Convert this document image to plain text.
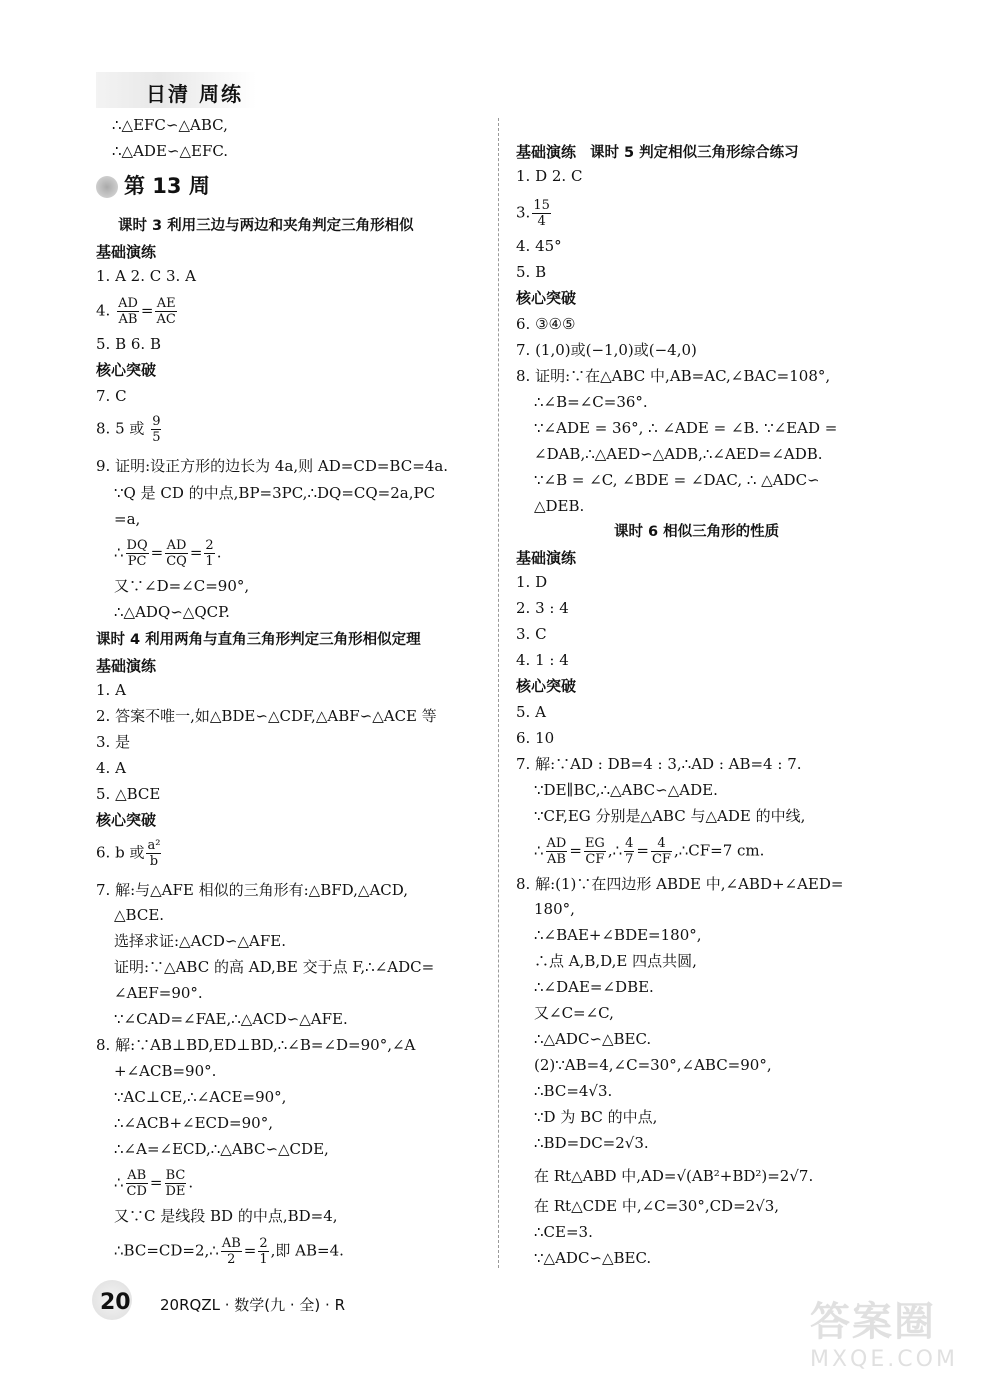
日清 周练
∴△EFC∽△ABC,
∴△ADE∽△EFC.
第 13 周
课时 3 利用三边与两边和夹角判定三角形相似
基础演练
1. A 2. C 3. A
4. $\frac{AD}{AB} = \frac{AE}{AC}$
5. B 6. B
核心突破
7. C
8. 5 或 $\frac{9}{5}$
9. 证明:设正方形的边长为 4a,则 AD=CD=BC=4a.
∵Q 是 CD 的中点,BP=3PC,∴DQ=CQ=2a,PC
=a,
∴ $\frac{DQ}{PC} = \frac{AD}{CQ} = \frac{2}{1}$ .
又∵∠D=∠C=90°,
∴△ADQ∽△QCP.
课时 4 利用两角与直角三角形判定三角形相似定理
基础演练
1. A
2. 答案不唯一,如△BDE∽△CDF,△ABF∽△ACE 等
3. 是
4. A
5. △BCE
核心突破
6. b 或 $\frac{\text{a²}}{b}$
7. 解:与△AFE 相似的三角形有:△BFD,△ACD,
△BCE.
选择求证:△ACD∽△AFE.
证明:∵△ABC 的高 AD,BE 交于点 F,∴∠ADC=
∠AEF=90°.
∵∠CAD=∠FAE,∴△ACD∽△AFE.
8. 解:∵AB⊥BD,ED⊥BD,∴∠B=∠D=90°,∠A
+∠ACB=90°.
∵AC⊥CE,∴∠ACE=90°,
∴∠ACB+∠ECD=90°,
∴∠A=∠ECD,∴△ABC∽△CDE,
∴ $\frac{AB}{CD} = \frac{BC}{DE}$ .
又∵C 是线段 BD 的中点,BD=4,
∴BC=CD=2,∴ $\frac{AB}{2} = \frac{2}{1}$ ,即 AB=4.
课时 5 判定相似三角形综合练习
基础演练
1. D 2. C
3. $\frac{15}{4}$
4. 45°
5. B
核心突破
6. ③④⑤
7. (1,0)或(−1,0)或(−4,0)
8. 证明:∵在△ABC 中,AB=AC,∠BAC=108°,
∴∠B=∠C=36°.
∵∠ADE = 36°, ∴ ∠ADE = ∠B. ∵∠EAD =
∠DAB,∴△AED∽△ADB,∴∠AED=∠ADB.
∵∠B = ∠C, ∠BDE = ∠DAC, ∴ △ADC∽
△DEB.
课时 6 相似三角形的性质
基础演练
1. D
2. 3 : 4
3. C
4. 1 : 4
核心突破
5. A
6. 10
7. 解:∵AD : DB=4 : 3,∴AD : AB=4 : 7.
∵DE∥BC,∴△ABC∽△ADE.
∵CF,EG 分别是△ABC 与△ADE 的中线,
∴ $\frac{AD}{AB} = \frac{EG}{CF}$ ,∴ $\frac{4}{7} = \frac{4}{CF}$ ,∴CF=7 cm.
8. 解:(1)∵在四边形 ABDE 中,∠ABD+∠AED=
180°,
∴∠BAE+∠BDE=180°,
∴点 A,B,D,E 四点共圆,
∴∠DAE=∠DBE.
又∠C=∠C,
∴△ADC∽△BEC.
(2)∵AB=4,∠C=30°,∠ABC=90°,
∴BC=4√3.
∵D 为 BC 的中点,
∴BD=DC=2√3.
在 Rt△ABD 中,AD=√(AB²+BD²)=2√7.
在 Rt△CDE 中,∠C=30°,CD=2√3,
∴CE=3.
∵△ADC∽△BEC.
20 20RQZL · 数学(九 · 全) · R	答案圈
MXQE.COM
